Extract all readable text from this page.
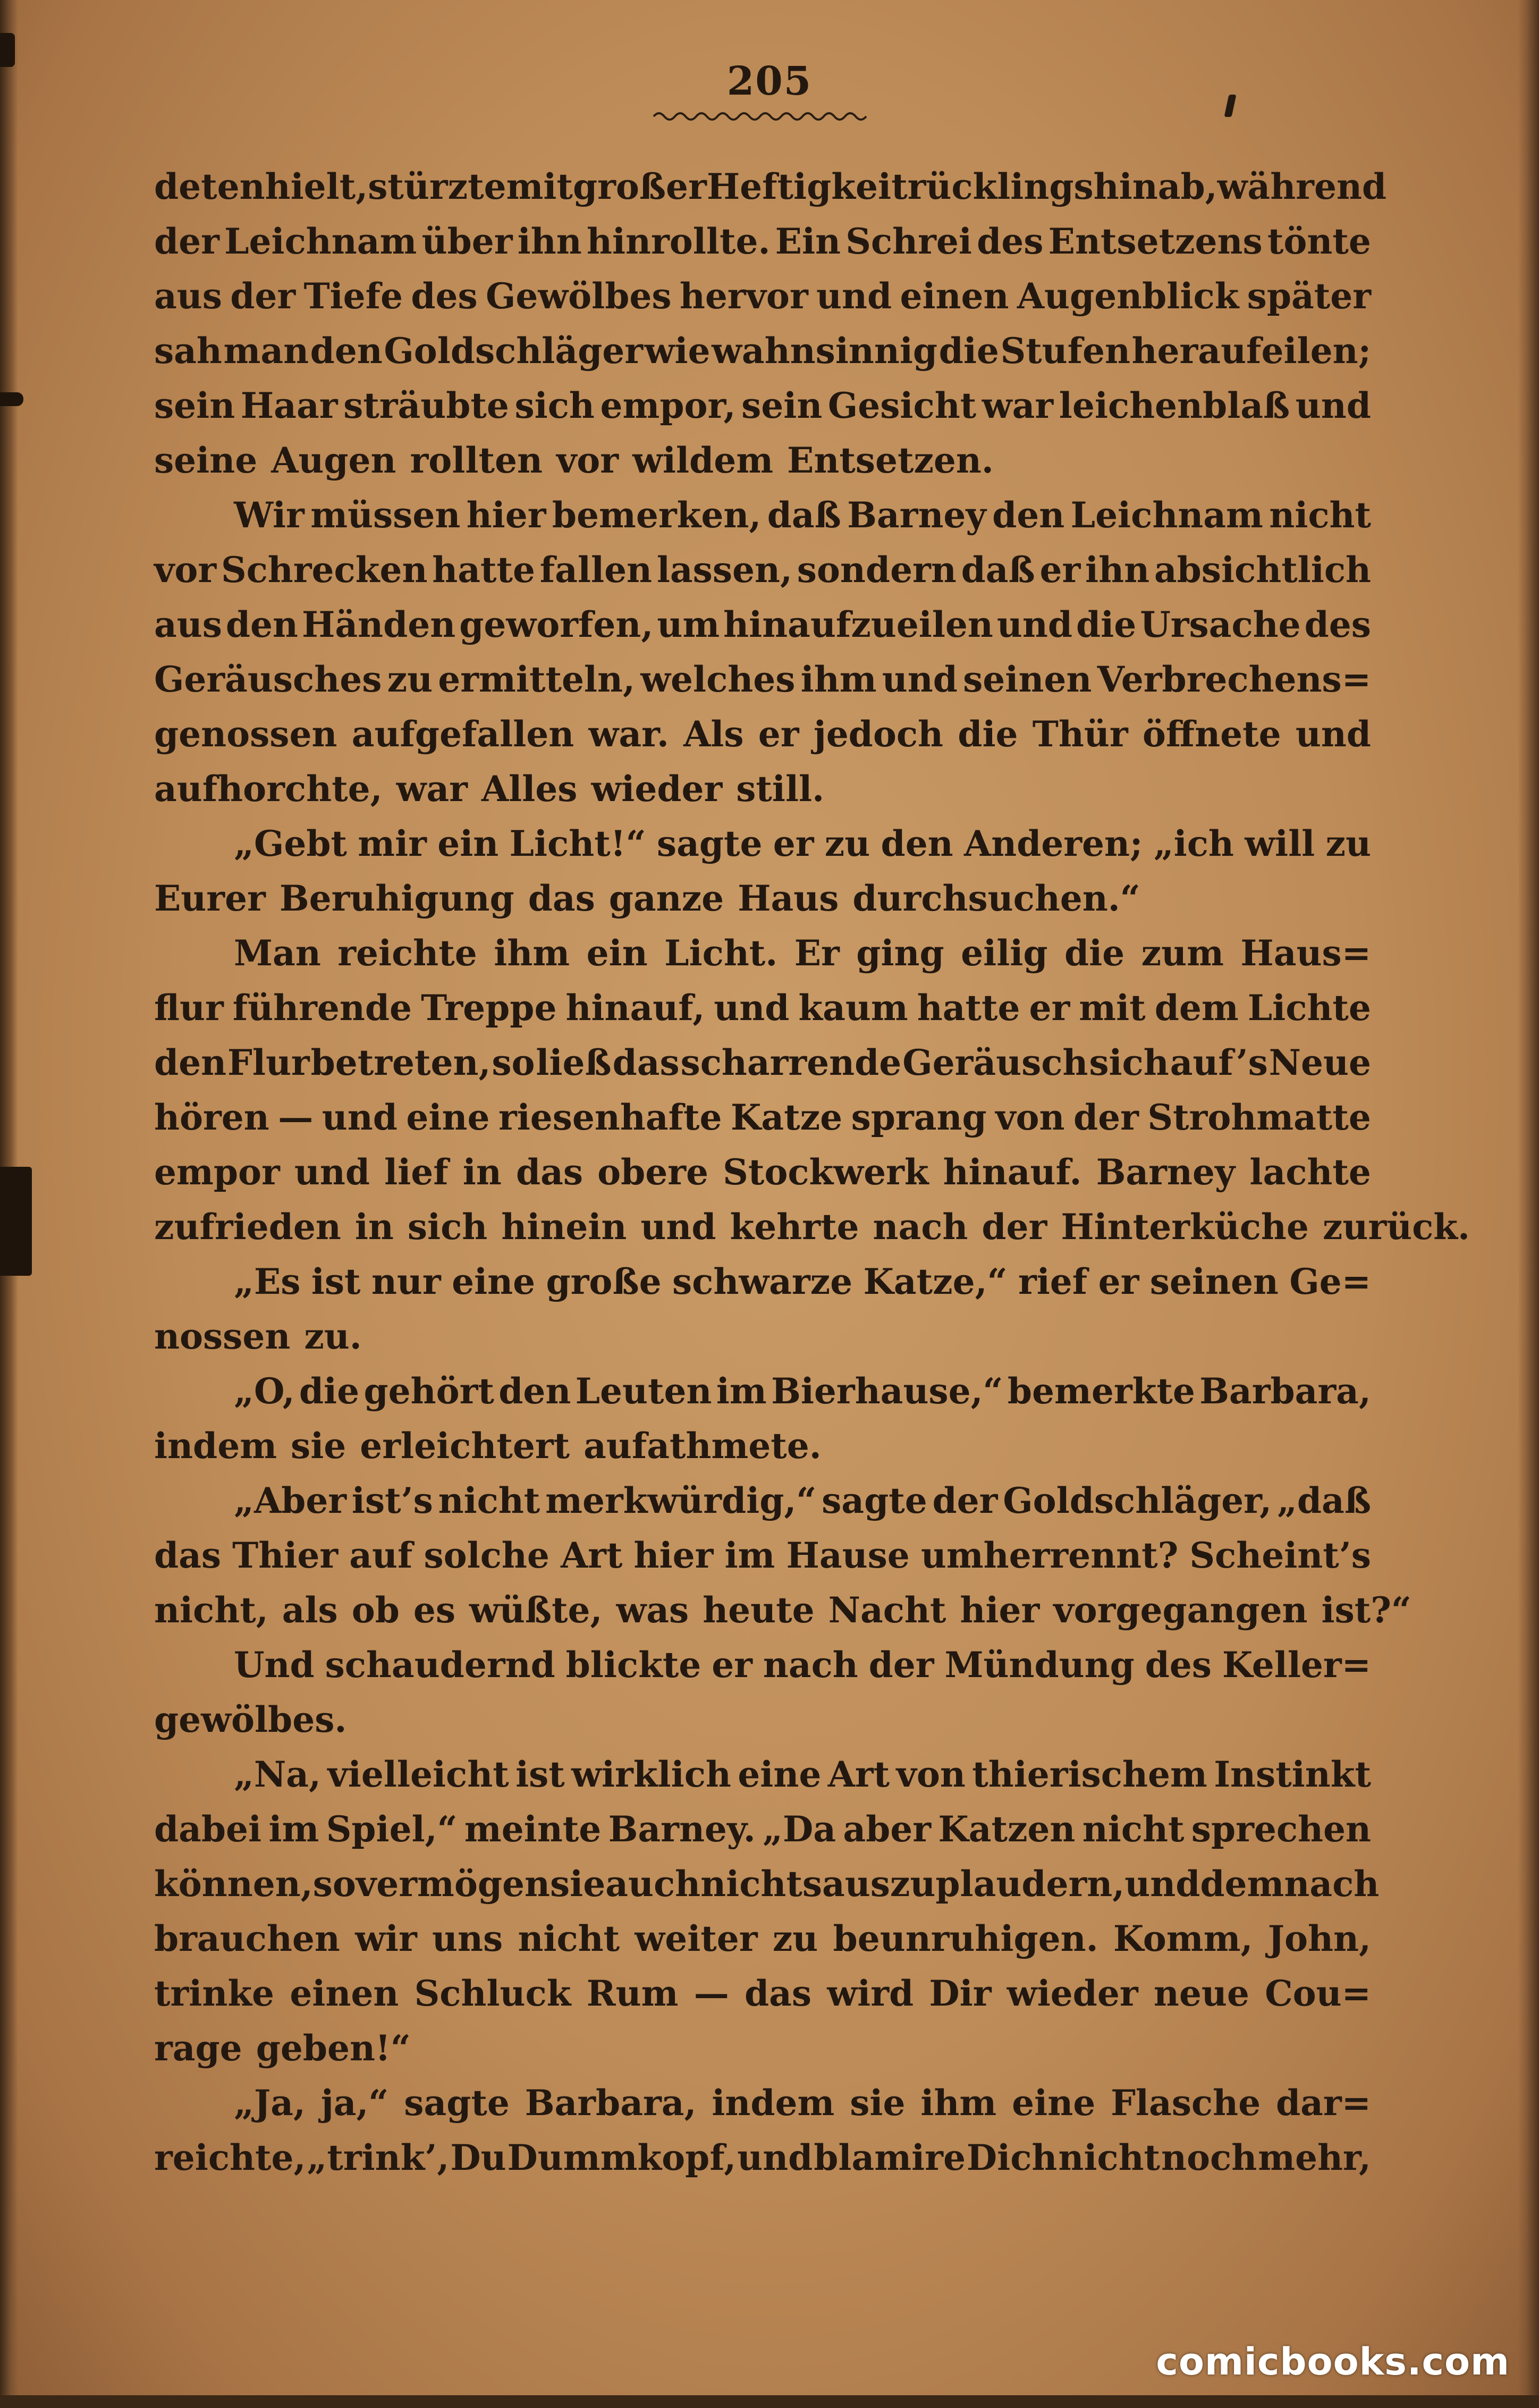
205
deten hielt, stürzte mit großer Heftigkeit rücklings hinab, während
der Leichnam über ihn hinrollte. Ein Schrei des Entsetzens tönte
aus der Tiefe des Gewölbes hervor und einen Augenblick später
sah man den Goldschläger wie wahnsinnig die Stufen heraufeilen;
sein Haar sträubte sich empor, sein Gesicht war leichenblaß und
seine Augen rollten vor wildem Entsetzen.
Wir müssen hier bemerken, daß Barney den Leichnam nicht
vor Schrecken hatte fallen lassen, sondern daß er ihn absichtlich
aus den Händen geworfen, um hinaufzueilen und die Ursache des
Geräusches zu ermitteln, welches ihm und seinen Verbrechens=
genossen aufgefallen war. Als er jedoch die Thür öffnete und
aufhorchte, war Alles wieder still.
„Gebt mir ein Licht!“ sagte er zu den Anderen; „ich will zu
Eurer Beruhigung das ganze Haus durchsuchen.“
Man reichte ihm ein Licht. Er ging eilig die zum Haus=
flur führende Treppe hinauf, und kaum hatte er mit dem Lichte
den Flur betreten, so ließ das scharrende Geräusch sich auf’s Neue
hören — und eine riesenhafte Katze sprang von der Strohmatte
empor und lief in das obere Stockwerk hinauf. Barney lachte
zufrieden in sich hinein und kehrte nach der Hinterküche zurück.
„Es ist nur eine große schwarze Katze,“ rief er seinen Ge=
nossen zu.
„O, die gehört den Leuten im Bierhause,“ bemerkte Barbara,
indem sie erleichtert aufathmete.
„Aber ist’s nicht merkwürdig,“ sagte der Goldschläger, „daß
das Thier auf solche Art hier im Hause umherrennt? Scheint’s
nicht, als ob es wüßte, was heute Nacht hier vorgegangen ist?“
Und schaudernd blickte er nach der Mündung des Keller=
gewölbes.
„Na, vielleicht ist wirklich eine Art von thierischem Instinkt
dabei im Spiel,“ meinte Barney. „Da aber Katzen nicht sprechen
können, so vermögen sie auch nichts auszuplaudern, und demnach
brauchen wir uns nicht weiter zu beunruhigen. Komm, John,
trinke einen Schluck Rum — das wird Dir wieder neue Cou=
rage geben!“
„Ja, ja,“ sagte Barbara, indem sie ihm eine Flasche dar=
reichte, „trink’, Du Dummkopf, und blamire Dich nicht noch mehr,
comicbooks.com
